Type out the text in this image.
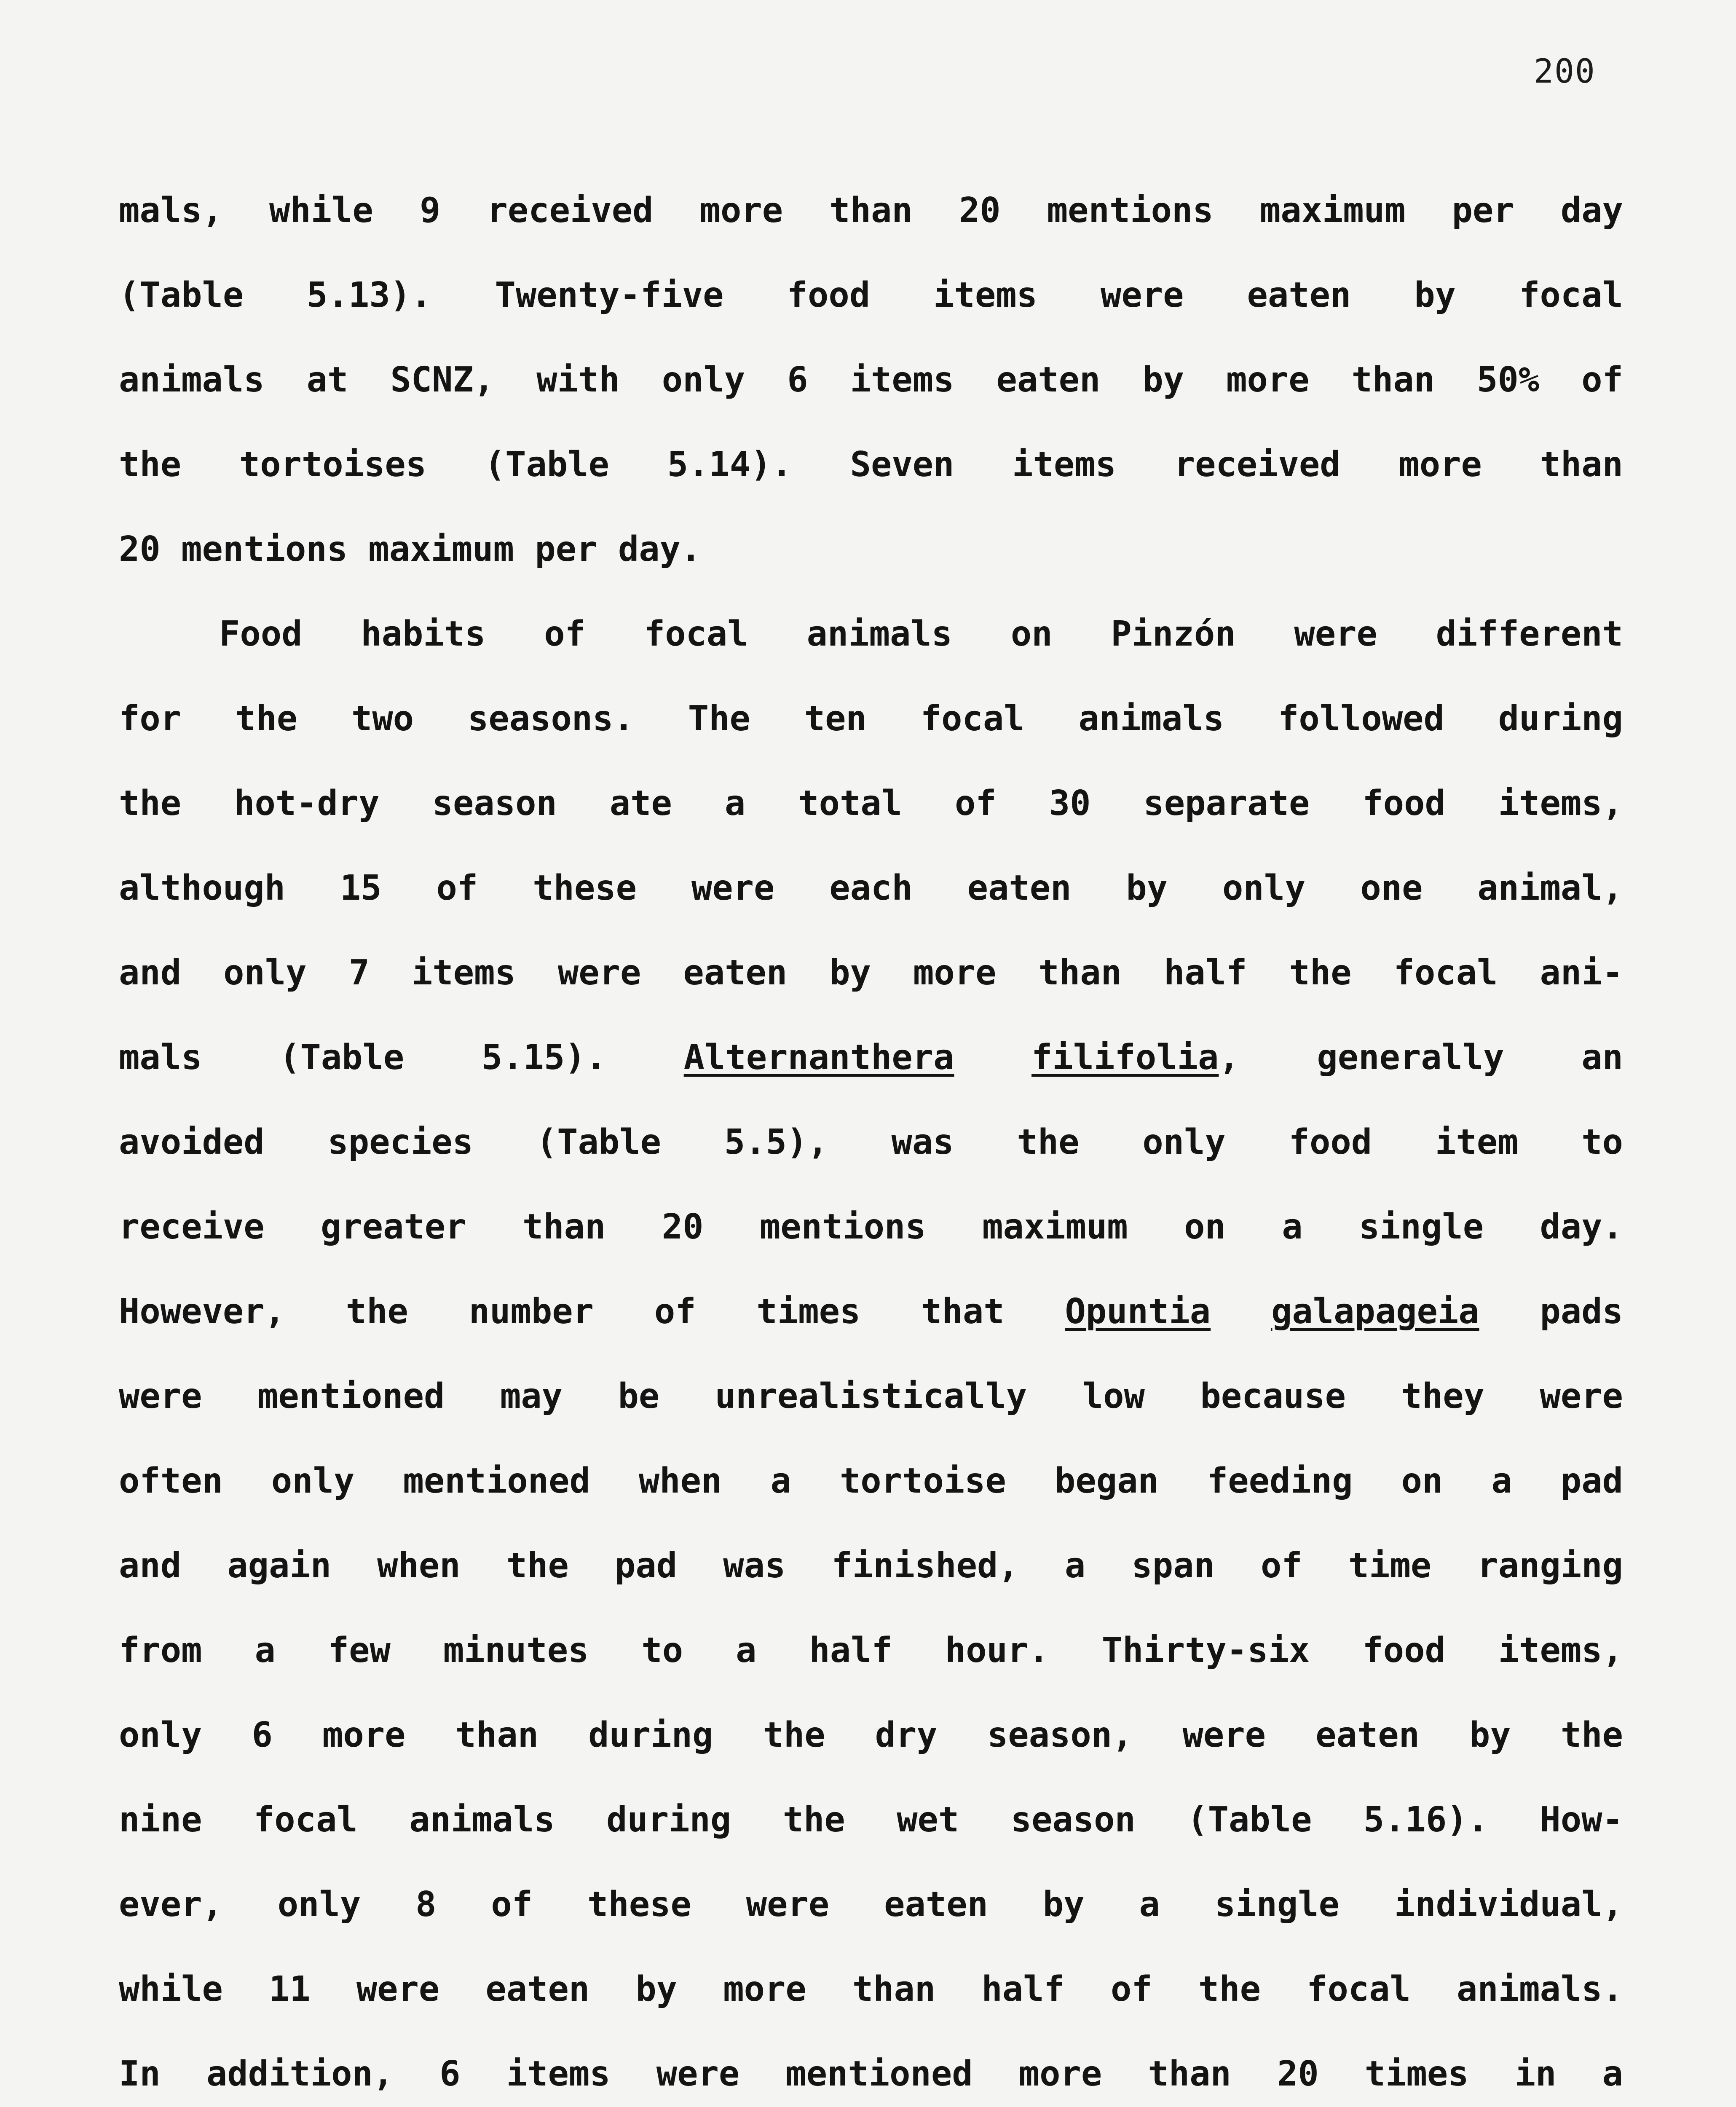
200
mals, while 9 received more than 20 mentions maximum per day
(Table 5.13). Twenty-five food items were eaten by focal
animals at SCNZ, with only 6 items eaten by more than 50% of
the tortoises (Table 5.14). Seven items received more than
20 mentions maximum per day.
Food habits of focal animals on Pinzón were different
for the two seasons. The ten focal animals followed during
the hot-dry season ate a total of 30 separate food items,
although 15 of these were each eaten by only one animal,
and only 7 items were eaten by more than half the focal ani-
mals (Table 5.15). Alternanthera filifolia, generally an
avoided species (Table 5.5), was the only food item to
receive greater than 20 mentions maximum on a single day.
However, the number of times that Opuntia galapageia pads
were mentioned may be unrealistically low because they were
often only mentioned when a tortoise began feeding on a pad
and again when the pad was finished, a span of time ranging
from a few minutes to a half hour. Thirty-six food items,
only 6 more than during the dry season, were eaten by the
nine focal animals during the wet season (Table 5.16). How-
ever, only 8 of these were eaten by a single individual,
while 11 were eaten by more than half of the focal animals.
In addition, 6 items were mentioned more than 20 times in a
